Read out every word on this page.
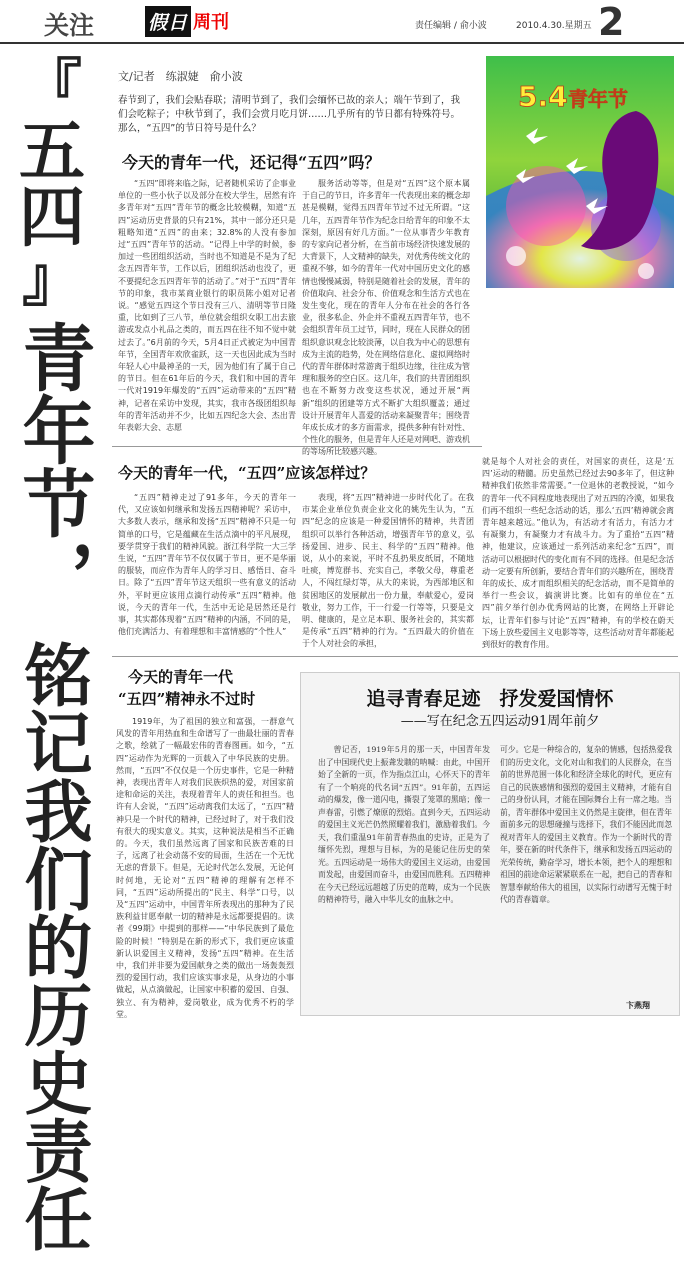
关注	假日 周刊	责任编辑 / 俞小波	2010.4.30.星期五 2
『
五
四
』
青年节，
铭记我们的历史责任
文/记者　练淑婕　俞小波
春节到了，我们会贴春联；清明节到了，我们会缅怀已故的亲人；端午节到了，我们会吃粽子；中秋节到了，我们会赏月吃月饼……几乎所有的节日都有特殊符号。那么，“五四”的节日符号是什么？
5.4 青年节
今天的青年一代，还记得“五四”吗？
“五四”即将来临之际，记者随机采访了企事业单位的一些小伙子以及部分在校大学生，居然有许多青年对“五四”青年节的概念比较模糊，知道“五四”运动历史背景的只有21%，其中一部分还只是粗略知道“五四”的由来；32.8%的人没有参加过“五四”青年节的活动。“记得上中学的时候，参加过一些团组织活动，当时也不知道是不是为了纪念五四青年节，工作以后，团组织活动也没了，更不要提纪念五四青年节的活动了。”对于“五四”青年节的印象，我市某商业银行的职员陈小姐对记者说。“感觉五四这个节日没有三八、清明等节日隆重，比如到了三八节，单位就会组织女职工出去旅游或发点小礼品之类的，而五四在往不知不觉中就过去了。”6月前的今天，5月4日正式被定为中国青年节，全国青年欢欣雀跃，这一天也因此成为当时年轻人心中最神圣的一天，因为他们有了属于自己的节日。但在61年后的今天，我们和中国的青年一代对1919年爆发的“五四”运动带来的“五四”精神，记者在采访中发现，其实，我市各级团组织每年的青年活动并不少，比如五四纪念大会、杰出青年表彰大会、志愿
服务活动等等，但是对“五四”这个原本属于自己的节日，许多青年一代表现出来的概念却甚是模糊，觉得五四青年节过不过无所谓。“这几年，五四青年节作为纪念日给青年的印象不太深刻，原因有好几方面。”一位从事青少年教育的专家向记者分析，在当前市场经济快速发展的大背景下，人文精神的缺失，对优秀传统文化的重视不够，如今的青年一代对中国历史文化的感情也慢慢减弱，特别是随着社会的发展，青年的价值取向、社会分布、价值观念和生活方式也在发生变化，现在的青年人分布在社会的各行各业，很多私企、外企并不重视五四青年节，也不会组织青年员工过节，同时，现在人民群众的团组织意识观念比较淡薄，以自我为中心的思想有成为主流的趋势，处在网络信息化、虚拟网络时代的青年群体时常游离于组织边缘，往往成为管理和服务的空白区。这几年，我们的共青团组织也在不断努力改变这些状况，通过开展“两新”组织的团建等方式不断扩大组织覆盖；通过设计开展青年人喜爱的活动来凝聚青年；围绕青年成长成才的多方面需求，提供多种有针对性、个性化的服务，但是青年人还是对网吧、游戏机的等场所比较感兴趣。
今天的青年一代，“五四”应该怎样过？
“五四”精神走过了91多年，今天的青年一代，又应该如何继承和发扬五四精神呢？采访中，大多数人表示，继承和发扬“五四”精神不只是一句简单的口号，它是蕴藏在生活点滴中的平凡展现，要学贯穿于我们的精神风貌。浙江科学院一大三学生说，“五四”青年节不仅仅属于节日，更不是华丽的服装，而应作为青年人的学习日、感悟日、奋斗日。除了“五四”青年节这天组织一些有意义的活动外，平时更应该用点滴行动传承“五四”精神。他说，今天的青年一代，生活中无论是居然还是行事，其实都体现着“五四”精神的内涵，不同的是，他们充满活力、有着理想和丰富情感的“个性人”
表现，将“五四”精神进一步时代化了。在我市某企业单位负责企业文化的姚先生认为，“五四”纪念的应该是一种爱国情怀的精神，共青团组织可以举行各种活动，增强青年节的意义，弘扬爱国、进步、民主、科学的“五四”精神。他说，从小的来说，平时不乱扔果皮纸屑，不随地吐痰，博览群书、充实自己，孝敬父母，尊重老人，不闯红绿灯等，从大的来说，为西部地区和贫困地区的发展献出一份力量，奉献爱心，爱岗敬业，努力工作，干一行爱一行等等，只要是文明、健康的，是立足本职、服务社会的，其实都是传承“五四”精神的行为。“五四最大的价值在于个人对社会的承担，
就是每个人对社会的责任，对国家的责任，这是‘五四’运动的精髓。历史虽然已经过去90多年了，但这种精神我们依然非常需要。”一位退休的老教授说，“如今的青年一代不同程度地表现出了对五四的冷漠，如果我们再不组织一些纪念活动的话，那么‘五四’精神就会离青年越来越远。”他认为，有活动才有活力，有活力才有凝聚力，有凝聚力才有战斗力。为了重拾“五四”精神，他建议，应该通过一系列活动来纪念“五四”，而活动可以根据时代的变化而有不同的选择。但是纪念活动一定要有所创新，要结合青年们的兴趣所在，围绕青年的成长、成才而组织相关的纪念活动，而不是简单的举行一些会议，搞演讲比赛。比如有的单位在“五四”前夕举行创办优秀网站的比赛，在网络上开辟论坛，让青年们参与讨论“五四”精神，有的学校在蔚天下场上放些爱国主义电影等等，这些活动对青年都能起到很好的教育作用。
今天的青年一代
“五四”精神永不过时
1919年，为了祖国的独立和富强，一群意气风发的青年用热血和生命谱写了一曲最壮丽的青春之歌，绘就了一幅最宏伟的青春图画。如今，“五四”运动作为光辉的一页载入了中华民族的史册。然而，“五四”不仅仅是一个历史事件，它是一种精神，表现出青年人对我们民族炽热的爱，对国家前途和命运的关注，表现着青年人的责任和担当。也许有人会说，“五四”运动离我们太远了，“五四”精神只是一个时代的精神，已经过时了，对于我们没有很大的现实意义。其实，这种说法是相当不正确的。今天，我们虽然远离了国家和民族苦难的日子，远离了社会动荡不安的局面，生活在一个无忧无虑的背景下。但是，无论时代怎么发展，无论何时何地，无论对“五四”精神的理解有怎样不同，“五四”运动所提出的“民主、科学”口号，以及“五四”运动中，中国青年所表现出的那种为了民族利益甘愿奉献一切的精神是永远都要提倡的。读者《99期》中提到的那样——“中华民族到了最危险的时候！”特别是在新的形式下，我们更应该重新认识爱国主义精神，发扬“五四”精神。在生活中，我们并非要为爱国献身之类的做出一场轰轰烈烈的爱国行动，我们应该实事求是，从身边的小事做起，从点滴做起，让国家中积蓄的爱国、自强、独立、有为精神，爱岗敬业，成为优秀不朽的学堂。
追寻青春足迹　抒发爱国情怀
——写在纪念五四运动91周年前夕
曾记否，1919年5月的那一天，中国青年发出了中国现代史上振聋发聩的呐喊：由此，中国开始了全新的一页，作为指点江山，心怀天下的青年有了一个响亮的代名词“五四”。91年前，五四运动的爆发，像一道闪电，撕裂了笼罩的黑暗；像一声春雷，引燃了燎原的烈焰。直到今天，五四运动的爱国主义光芒仍然照耀着我们，激励着我们。今天，我们重温91年前青春热血的史诗，正是为了缅怀先烈，理想与目标，为的是能记住历史的荣光。五四运动是一场伟大的爱国主义运动，由爱国而发起，由爱国而奋斗，由爱国而胜利。五四精神在今天已经远远超越了历史的范畴，成为一个民族的精神符号，融入中华儿女的血脉之中。
可少。它是一种综合的，复杂的情感，包括热爱我们的历史文化，文化对山和我们的人民群众，在当前的世界范围一体化和经济全球化的时代，更应有自己的民族感情和强烈的爱国主义精神，才能有自己的身份认同，才能在国际舞台上有一席之地。当前，青年群体中爱国主义仍然是主旋律，但在青年面前多元的思想碰撞与选择下，我们不能因此而忽视对青年人的爱国主义教育。作为一个新时代的青年，要在新的时代条件下，继承和发扬五四运动的光荣传统，勤奋学习，增长本领，把个人的理想和祖国的前途命运紧紧联系在一起，把自己的青春和智慧奉献给伟大的祖国，以实际行动谱写无愧于时代的青春篇章。
卞燕翔
